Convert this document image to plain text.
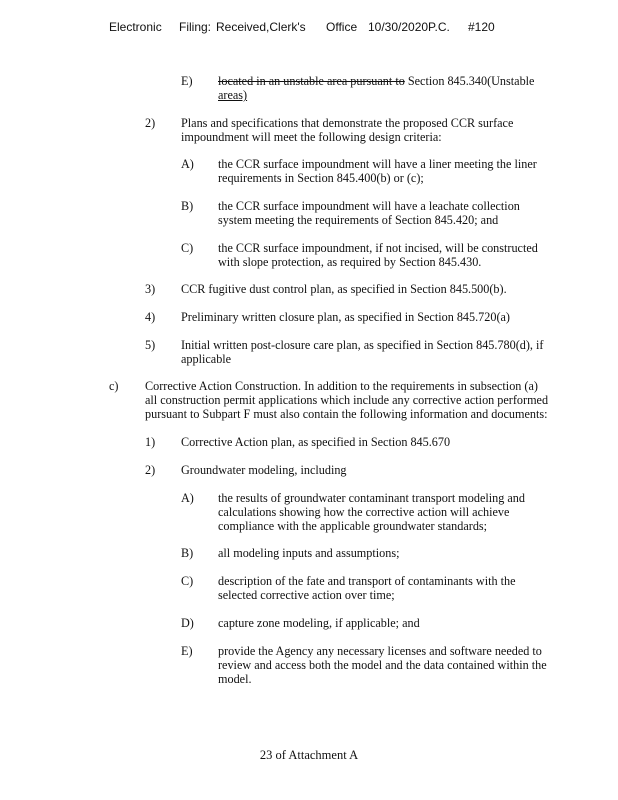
Electronic Filing: Received,Clerk's Office 10/30/2020P.C. #120
E) located in an unstable area pursuant to Section 845.340(Unstable
areas)
2) Plans and specifications that demonstrate the proposed CCR surface
impoundment will meet the following design criteria:
A) the CCR surface impoundment will have a liner meeting the liner
requirements in Section 845.400(b) or (c);
B) the CCR surface impoundment will have a leachate collection
system meeting the requirements of Section 845.420; and
C) the CCR surface impoundment, if not incised, will be constructed
with slope protection, as required by Section 845.430.
3) CCR fugitive dust control plan, as specified in Section 845.500(b).
4) Preliminary written closure plan, as specified in Section 845.720(a)
5) Initial written post-closure care plan, as specified in Section 845.780(d), if
applicable
c) Corrective Action Construction. In addition to the requirements in subsection (a)
all construction permit applications which include any corrective action performed
pursuant to Subpart F must also contain the following information and documents:
1) Corrective Action plan, as specified in Section 845.670
2) Groundwater modeling, including
A) the results of groundwater contaminant transport modeling and
calculations showing how the corrective action will achieve
compliance with the applicable groundwater standards;
B) all modeling inputs and assumptions;
C) description of the fate and transport of contaminants with the
selected corrective action over time;
D) capture zone modeling, if applicable; and
E) provide the Agency any necessary licenses and software needed to
review and access both the model and the data contained within the
model.
23 of Attachment A
